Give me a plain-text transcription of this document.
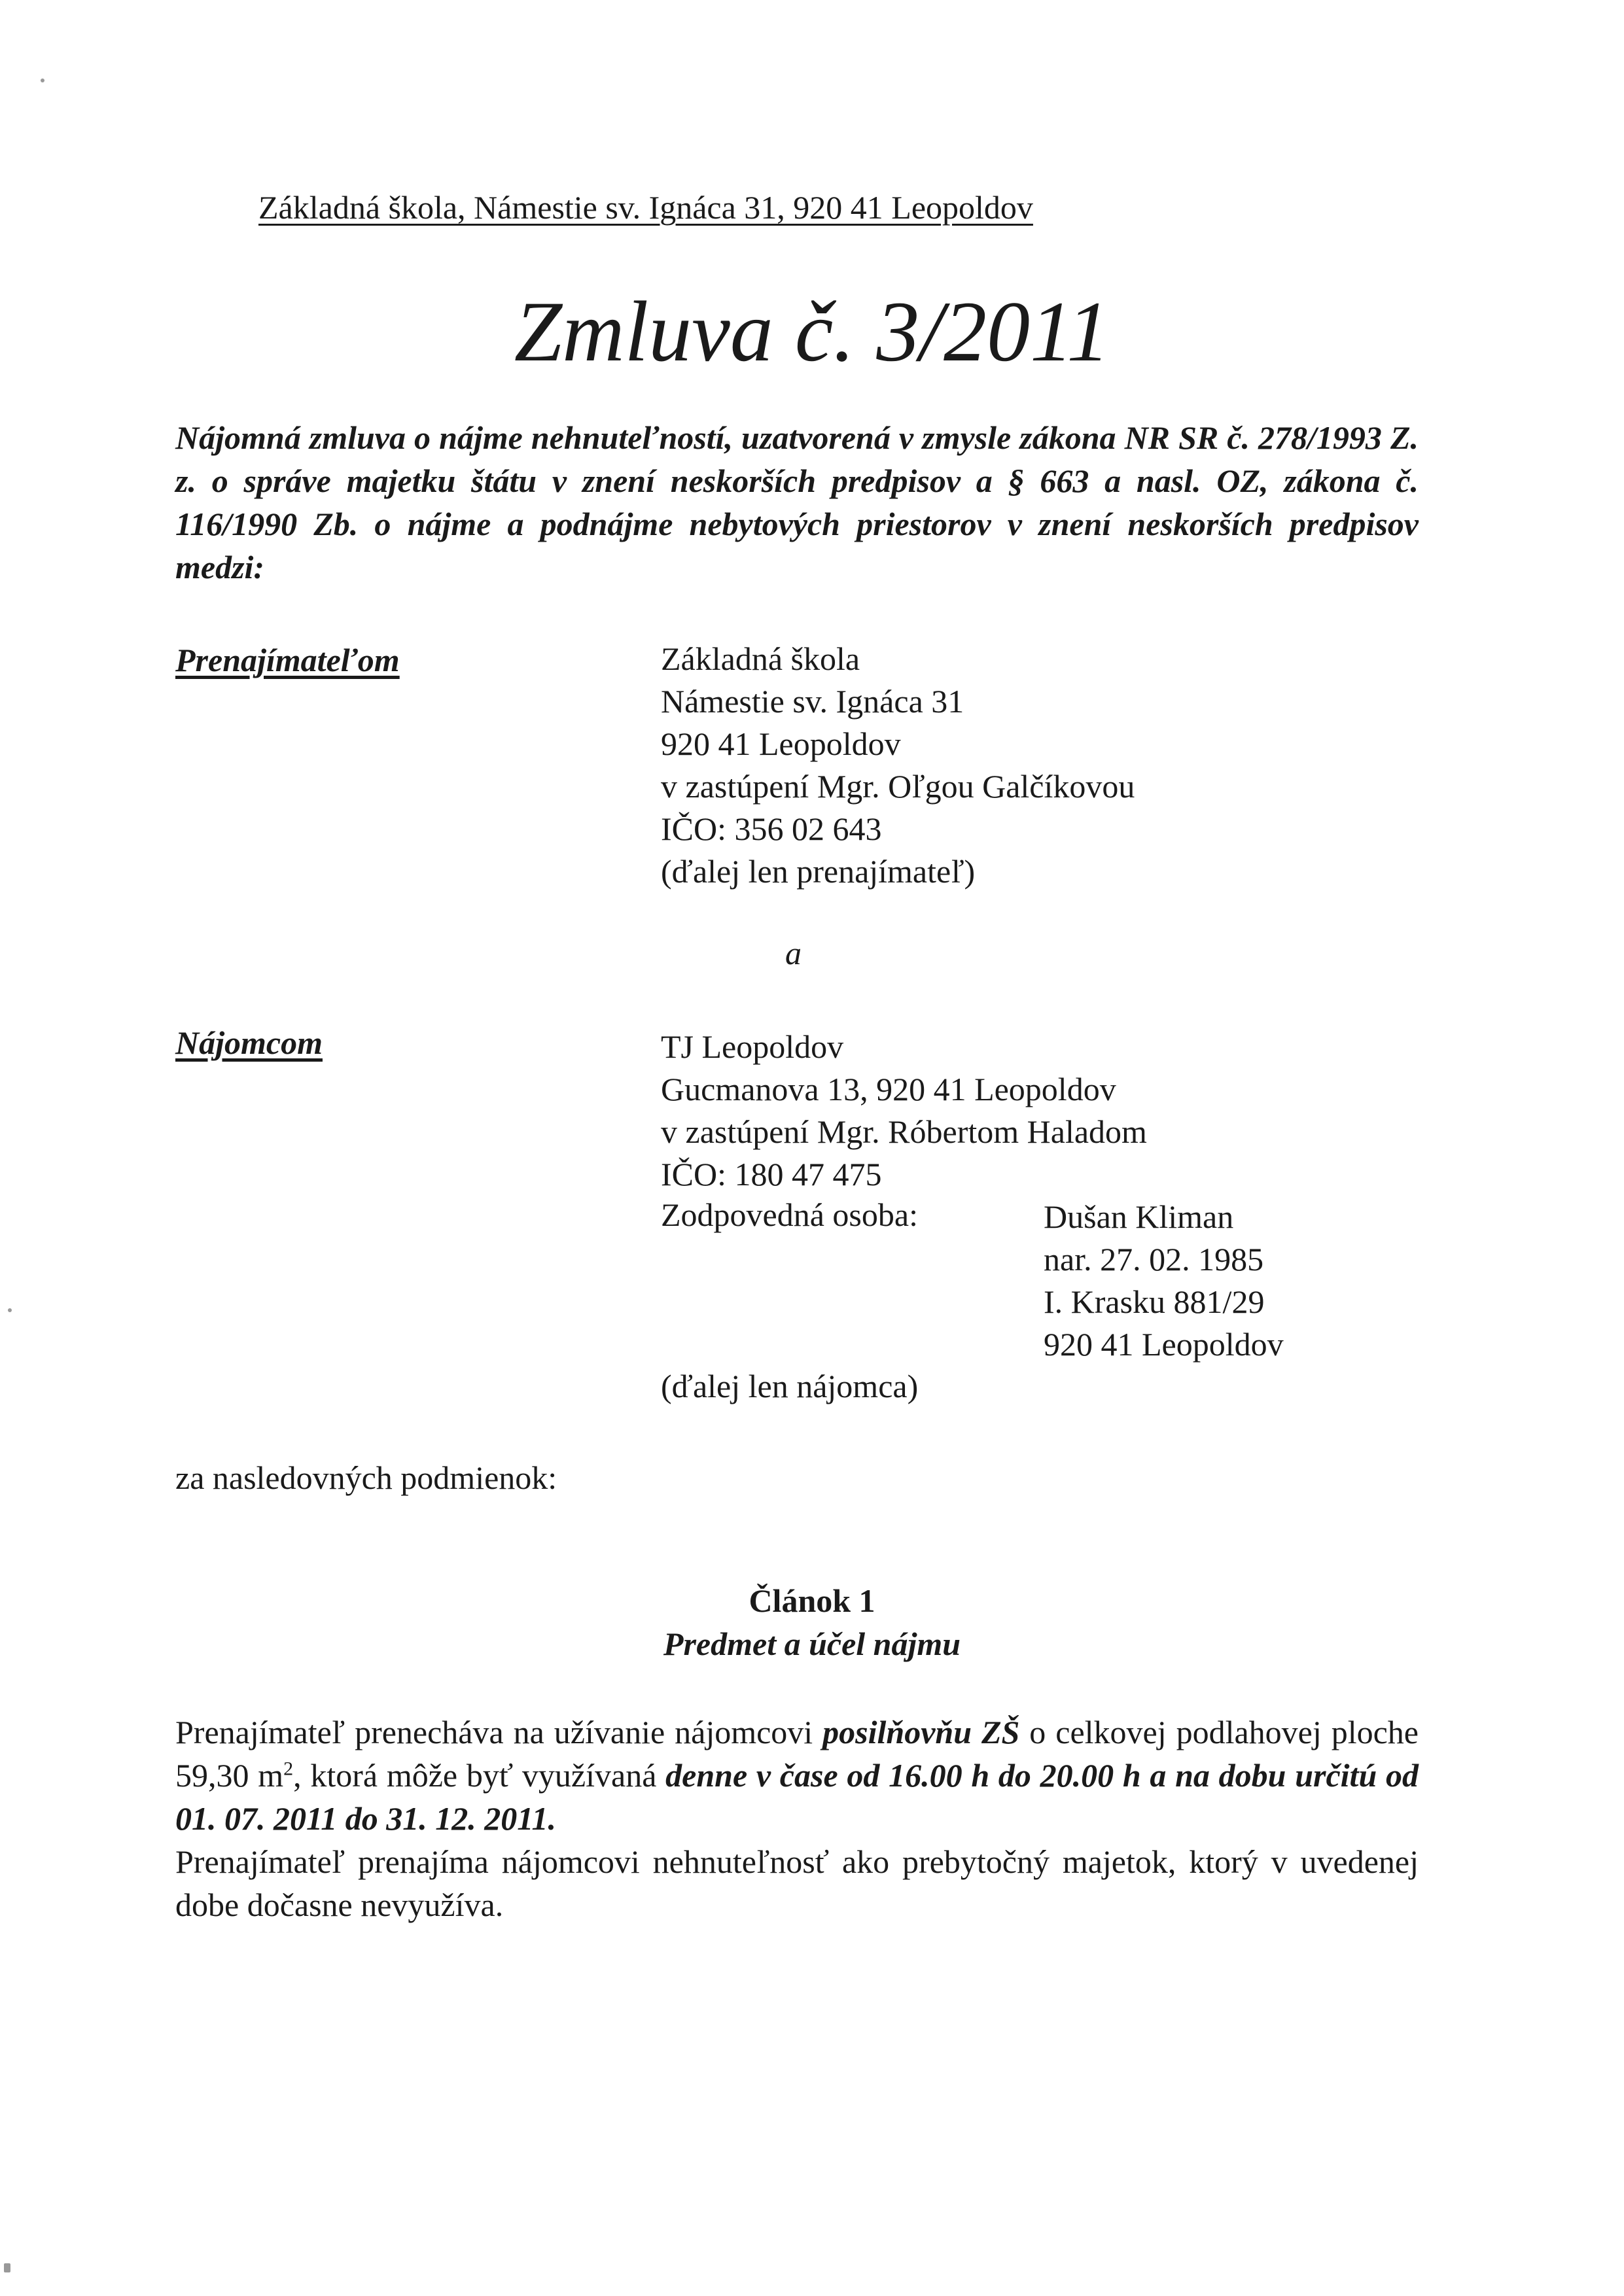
Základná škola, Námestie sv. Ignáca 31, 920 41 Leopoldov
Zmluva č. 3/2011
Nájomná zmluva o nájme nehnuteľností, uzatvorená v zmysle zákona NR SR č. 278/1993 Z. z. o správe majetku štátu v znení neskorších predpisov a § 663 a nasl. OZ, zákona č. 116/1990 Zb. o nájme a podnájme nebytových priestorov v znení neskorších predpisov medzi:
Prenajímateľom	Základná škola
Námestie sv. Ignáca 31
920 41 Leopoldov
v zastúpení Mgr. Oľgou Galčíkovou
IČO: 356 02 643
(ďalej len prenajímateľ)
a
Nájomcom	TJ Leopoldov
Gucmanova 13, 920 41 Leopoldov
v zastúpení Mgr. Róbertom Haladom
IČO: 180 47 475
Zodpovedná osoba:	Dušan Kliman
nar. 27. 02. 1985
I. Krasku 881/29
920 41 Leopoldov
(ďalej len nájomca)
za nasledovných podmienok:
Článok 1
Predmet a účel nájmu

Prenajímateľ prenecháva na užívanie nájomcovi posilňovňu ZŠ o celkovej podlahovej ploche 59,30 $m^2$, ktorá môže byť využívaná denne v čase od 16.00 h do 20.00 h a na dobu určitú od 01. 07. 2011 do 31. 12. 2011.

Prenajímateľ prenajíma nájomcovi nehnuteľnosť ako prebytočný majetok, ktorý v uvedenej dobe dočasne nevyužíva.
